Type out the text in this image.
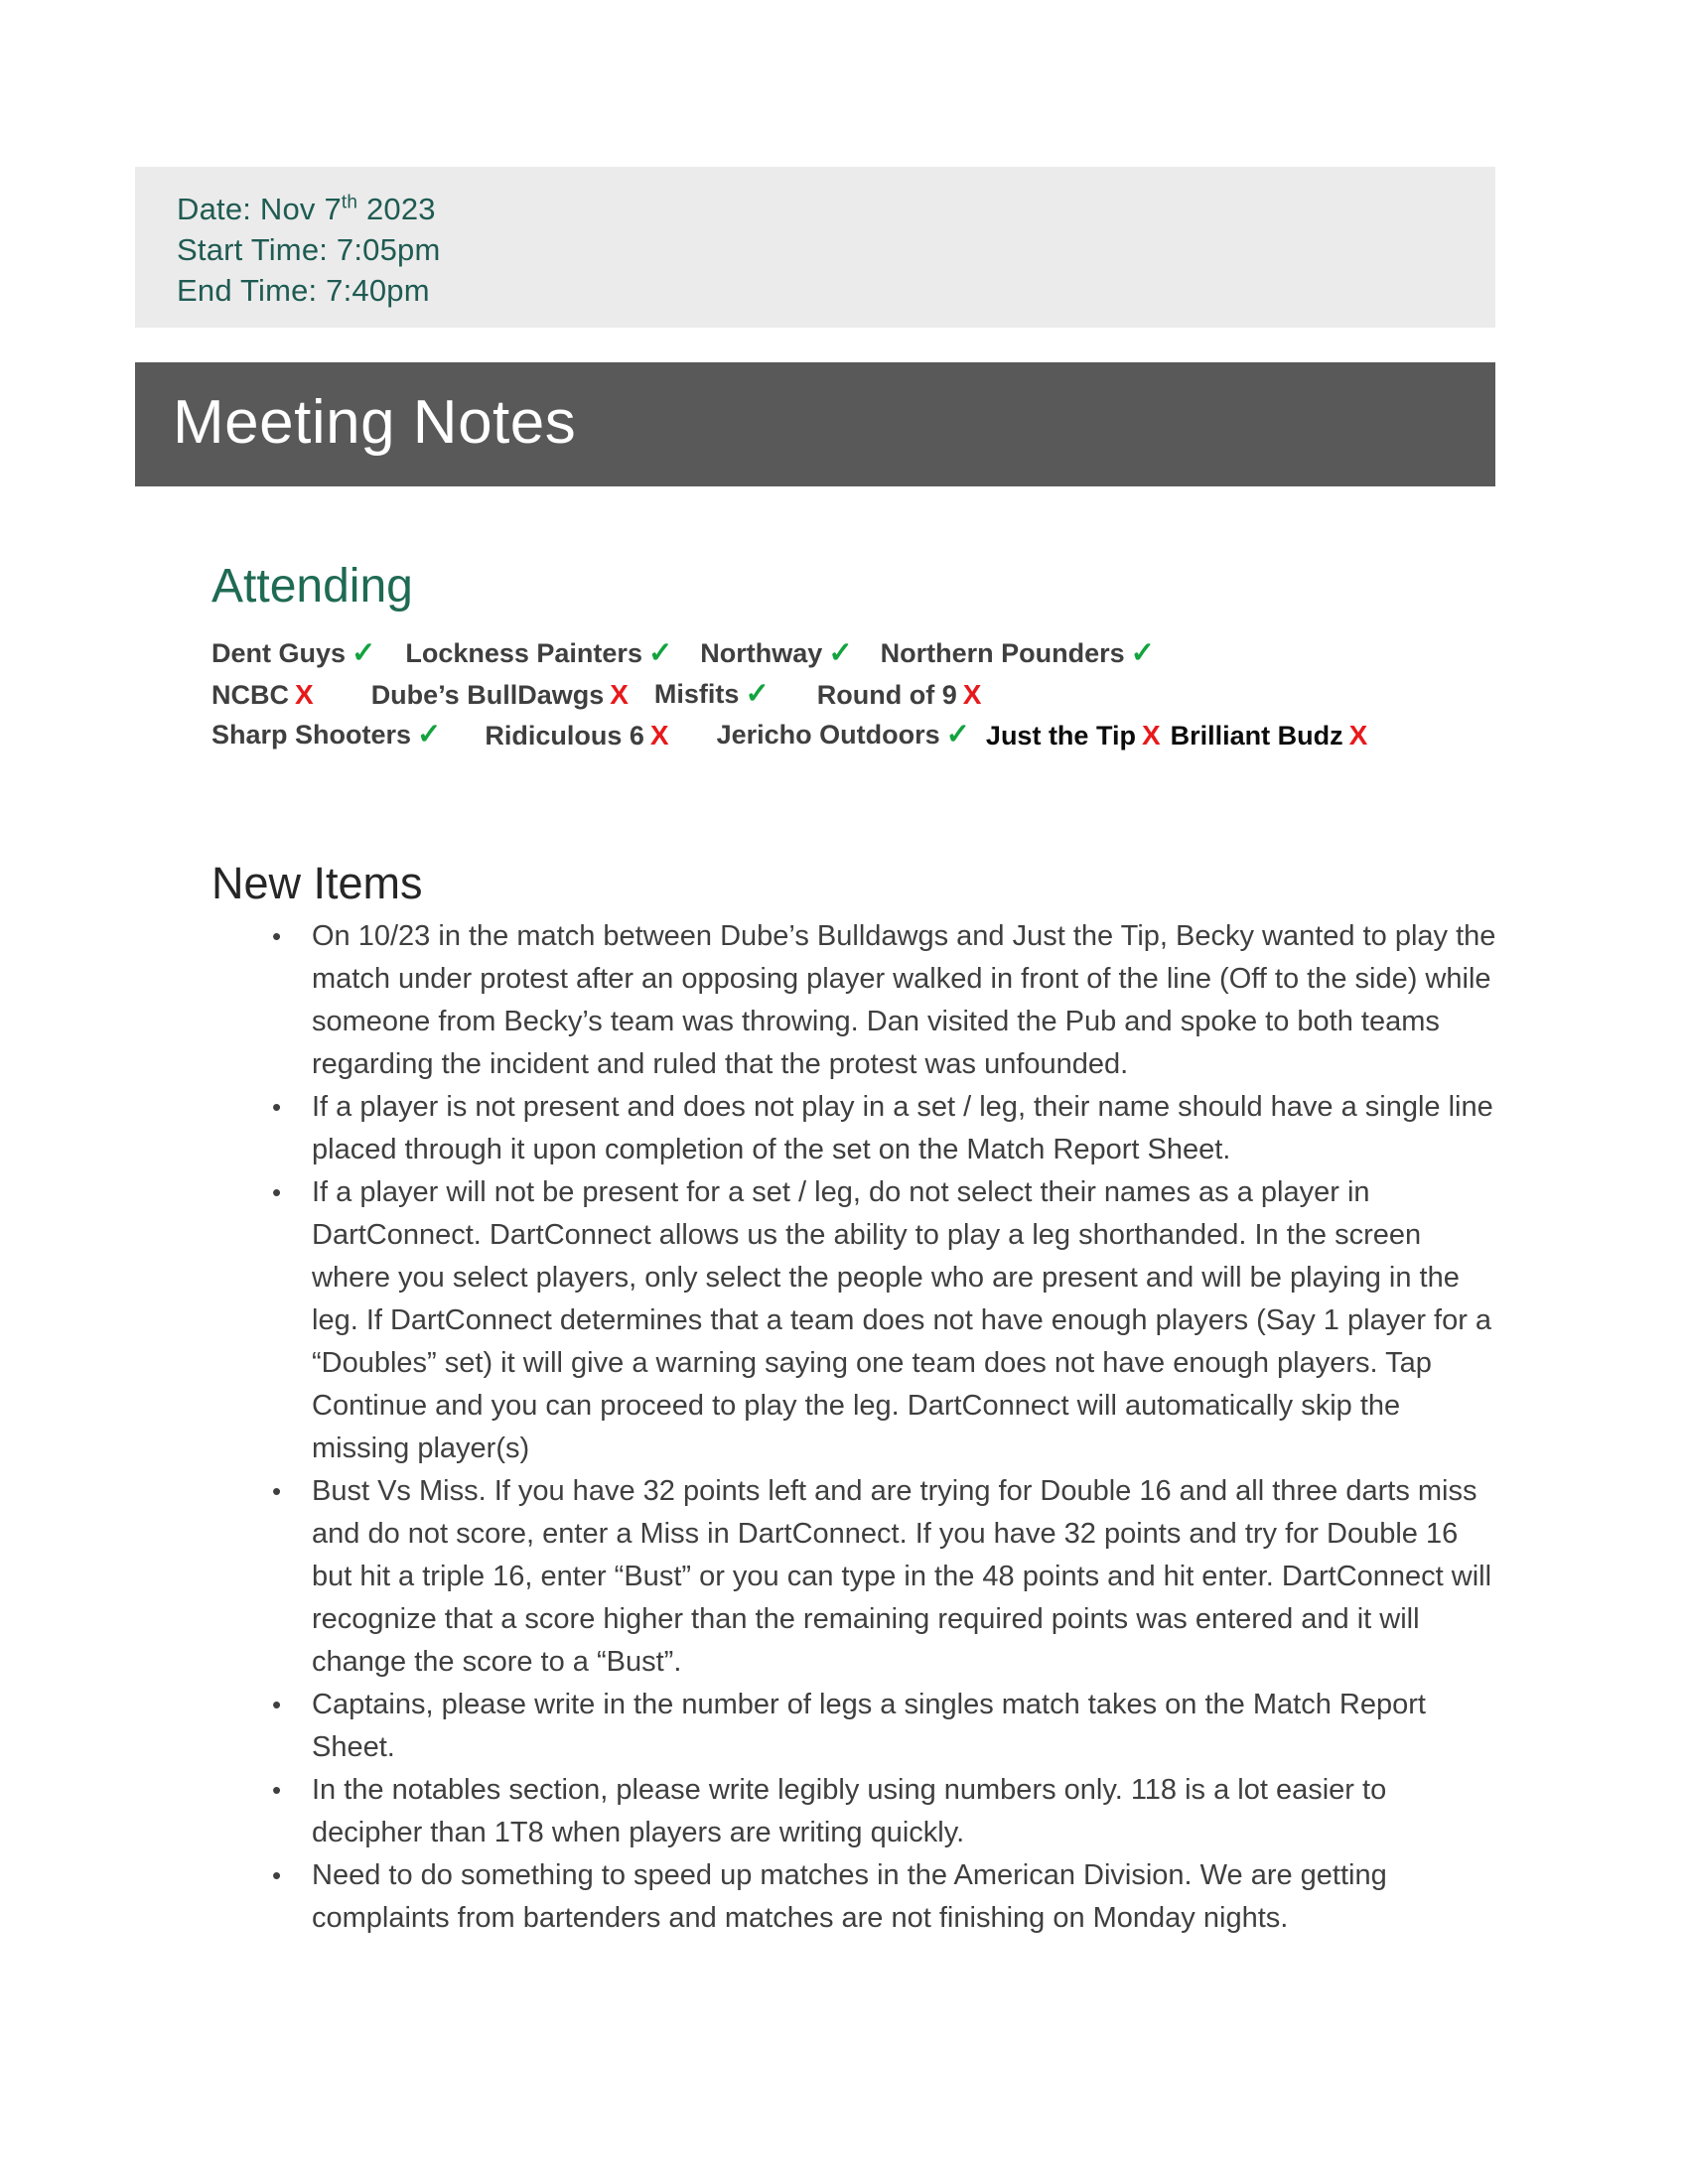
Date: Nov 7th 2023
Start Time: 7:05pm
End Time: 7:40pm
Meeting Notes
Attending
Dent Guys ✓ Lockness Painters ✓ Northway ✓ Northern Pounders ✓
NCBC X Dube’s BullDawgs X Misfits ✓ Round of 9 X
Sharp Shooters ✓ Ridiculous 6 X Jericho Outdoors ✓ Just the Tip X Brilliant Budz X
New Items
• On 10/23 in the match between Dube’s Bulldawgs and Just the Tip, Becky wanted to play the match under protest after an opposing player walked in front of the line (Off to the side) while someone from Becky’s team was throwing. Dan visited the Pub and spoke to both teams regarding the incident and ruled that the protest was unfounded.
• If a player is not present and does not play in a set / leg, their name should have a single line placed through it upon completion of the set on the Match Report Sheet.
• If a player will not be present for a set / leg, do not select their names as a player in DartConnect. DartConnect allows us the ability to play a leg shorthanded. In the screen where you select players, only select the people who are present and will be playing in the leg. If DartConnect determines that a team does not have enough players (Say 1 player for a “Doubles” set) it will give a warning saying one team does not have enough players. Tap Continue and you can proceed to play the leg. DartConnect will automatically skip the missing player(s)
• Bust Vs Miss. If you have 32 points left and are trying for Double 16 and all three darts miss and do not score, enter a Miss in DartConnect. If you have 32 points and try for Double 16 but hit a triple 16, enter “Bust” or you can type in the 48 points and hit enter. DartConnect will recognize that a score higher than the remaining required points was entered and it will change the score to a “Bust”.
• Captains, please write in the number of legs a singles match takes on the Match Report Sheet.
• In the notables section, please write legibly using numbers only. 118 is a lot easier to decipher than 1T8 when players are writing quickly.
• Need to do something to speed up matches in the American Division. We are getting complaints from bartenders and matches are not finishing on Monday nights.
